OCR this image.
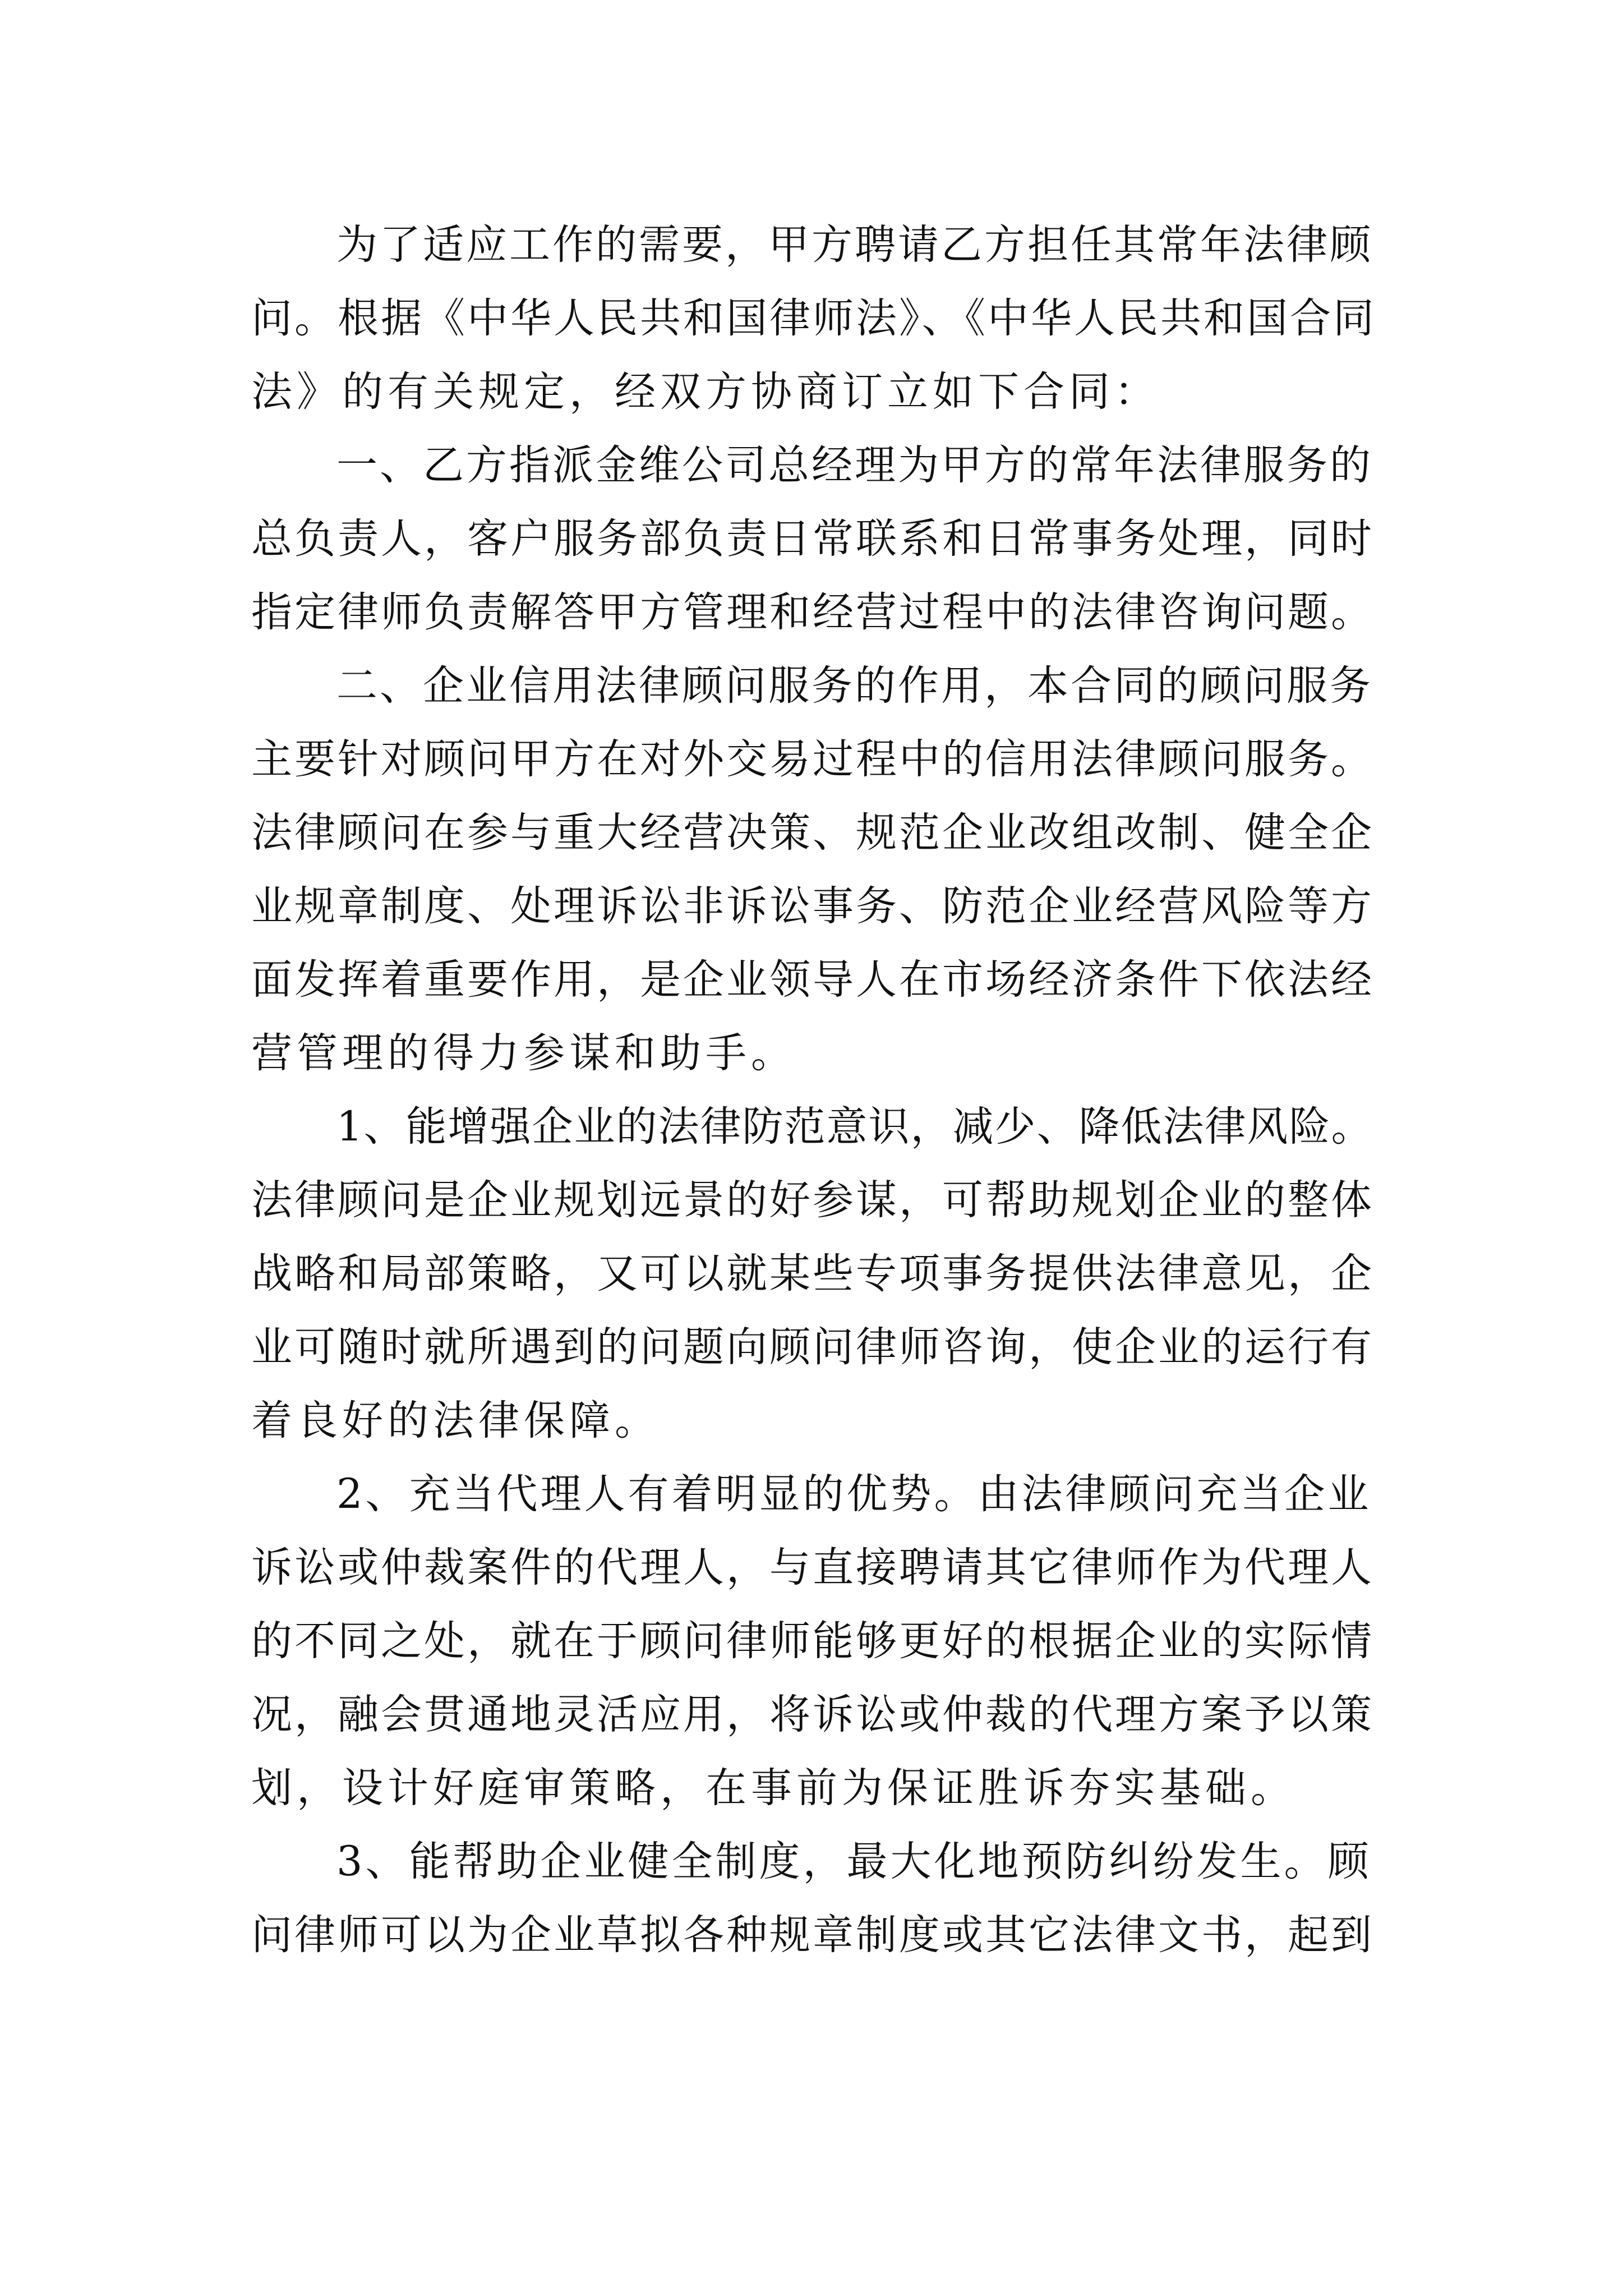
为了适应工作的需要，甲方聘请乙方担任其常年法律顾

问。根据《中华人民共和国律师法》、《中华人民共和国合同

法》的有关规定，经双方协商订立如下合同：

一、乙方指派金维公司总经理为甲方的常年法律服务的

总负责人，客户服务部负责日常联系和日常事务处理，同时

指定律师负责解答甲方管理和经营过程中的法律咨询问题。

二、企业信用法律顾问服务的作用，本合同的顾问服务

主要针对顾问甲方在对外交易过程中的信用法律顾问服务。

法律顾问在参与重大经营决策、规范企业改组改制、健全企

业规章制度、处理诉讼非诉讼事务、防范企业经营风险等方

面发挥着重要作用，是企业领导人在市场经济条件下依法经

营管理的得力参谋和助手。

1、能增强企业的法律防范意识，减少、降低法律风险。

法律顾问是企业规划远景的好参谋，可帮助规划企业的整体

战略和局部策略，又可以就某些专项事务提供法律意见，企

业可随时就所遇到的问题向顾问律师咨询，使企业的运行有

着良好的法律保障。

2、充当代理人有着明显的优势。由法律顾问充当企业

诉讼或仲裁案件的代理人，与直接聘请其它律师作为代理人

的不同之处，就在于顾问律师能够更好的根据企业的实际情

况，融会贯通地灵活应用，将诉讼或仲裁的代理方案予以策

划，设计好庭审策略，在事前为保证胜诉夯实基础。

3、能帮助企业健全制度，最大化地预防纠纷发生。顾

问律师可以为企业草拟各种规章制度或其它法律文书，起到
